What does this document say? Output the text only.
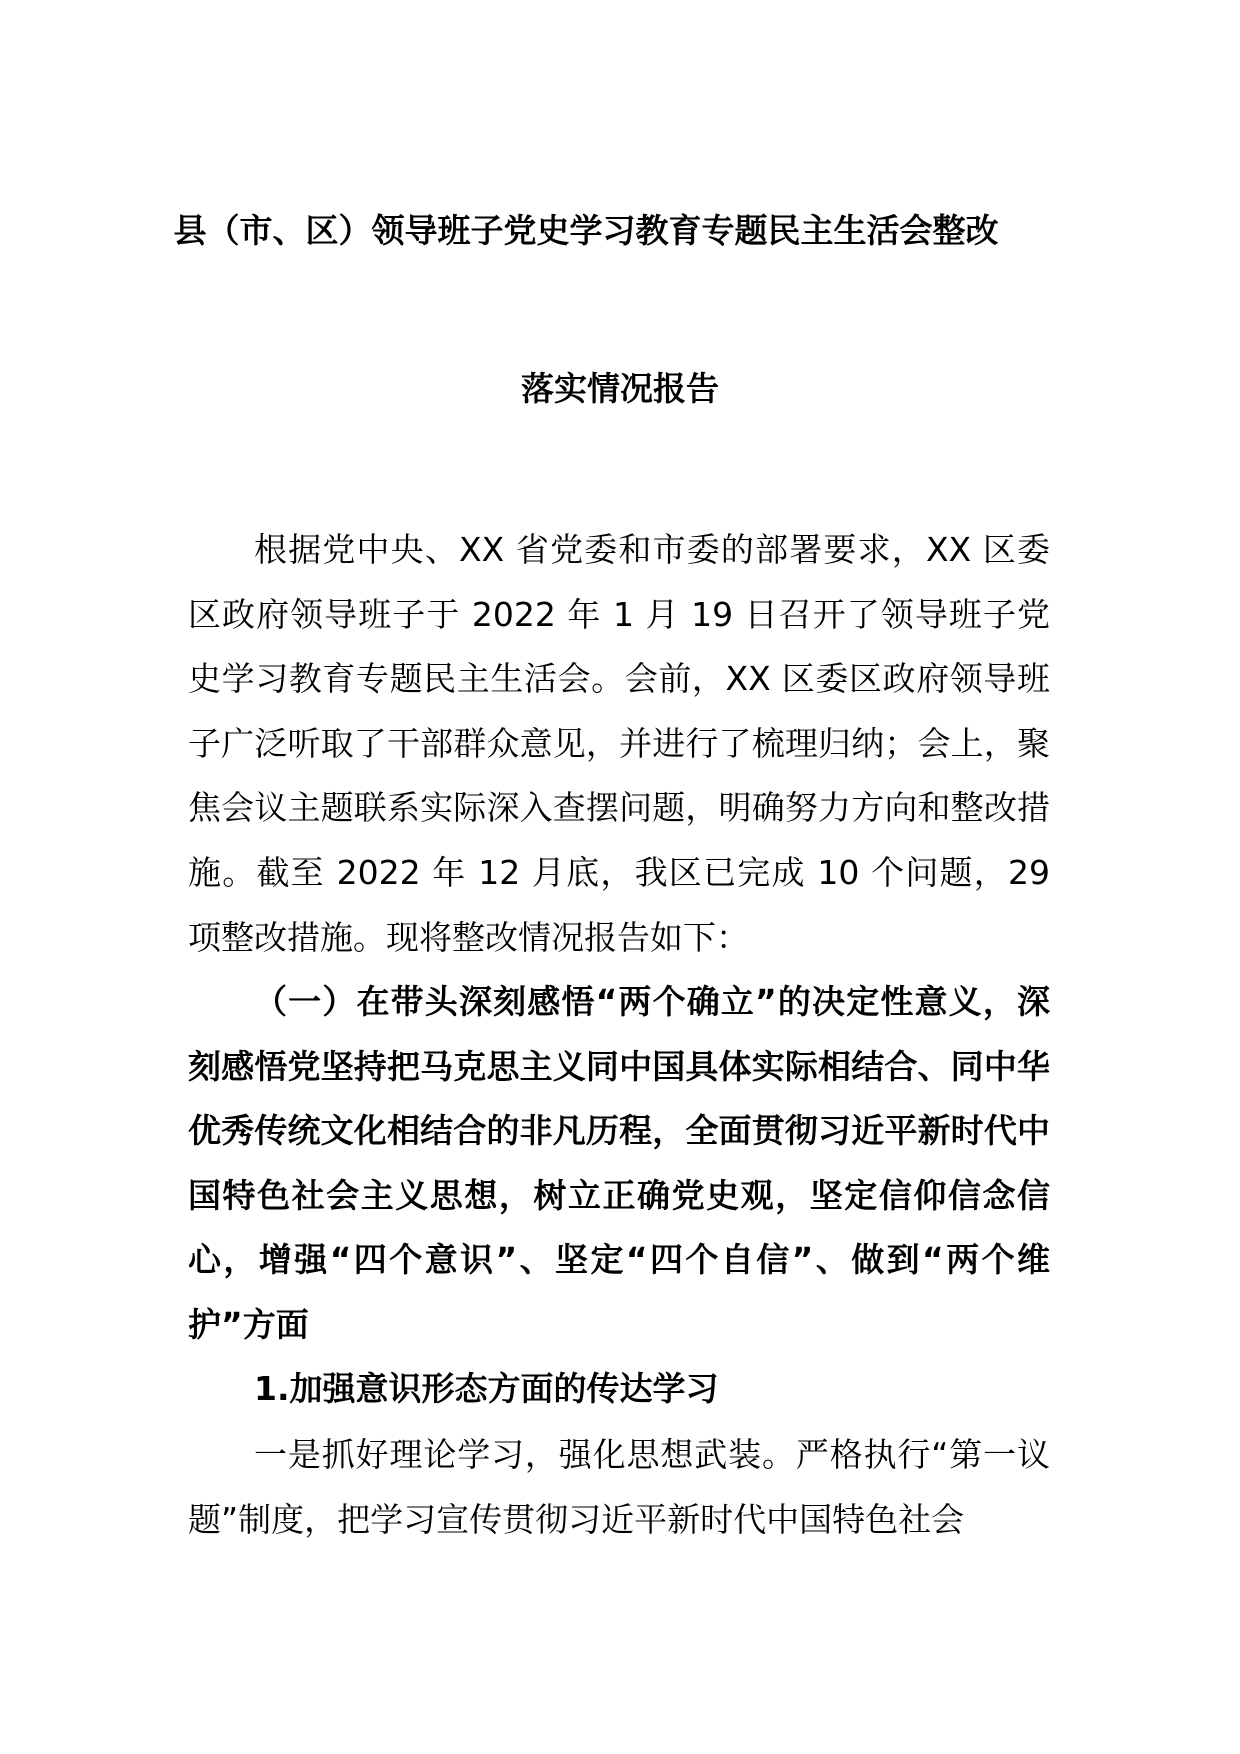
县（市、区）领导班子党史学习教育专题民主生活会整改
落实情况报告
根据党中央、XX 省党委和市委的部署要求，XX 区委区政府领导班子于 2022 年 1 月 19 日召开了领导班子党史学习教育专题民主生活会。会前，XX 区委区政府领导班子广泛听取了干部群众意见，并进行了梳理归纳；会上，聚焦会议主题联系实际深入查摆问题，明确努力方向和整改措施。截至 2022 年 12 月底，我区已完成 10 个问题，29 项整改措施。现将整改情况报告如下：
（一）在带头深刻感悟“两个确立”的决定性意义，深刻感悟党坚持把马克思主义同中国具体实际相结合、同中华优秀传统文化相结合的非凡历程，全面贯彻习近平新时代中国特色社会主义思想，树立正确党史观，坚定信仰信念信心，增强“四个意识”、坚定“四个自信”、做到“两个维护”方面
1.加强意识形态方面的传达学习
一是抓好理论学习，强化思想武装。严格执行“第一议题”制度，把学习宣传贯彻习近平新时代中国特色社会
